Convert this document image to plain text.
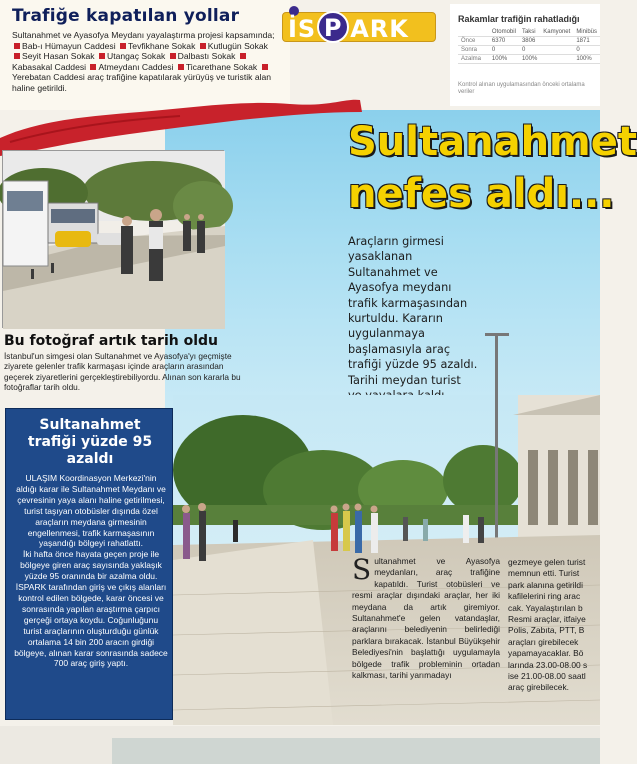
Trafiğe kapatılan yollar
Sultanahmet ve Ayasofya Meydanı yayalaştırma projesi kapsamında; Bab-ı Hümayun Caddesi Tevfikhane Sokak Kutlugün Sokak Seyit Hasan Sokak Utangaç Sokak Dalbastı Sokak Kabasakal Caddesi Atmeydanı Caddesi Ticarethane Sokak Yerebatan Caddesi araç trafiğine kapatılarak yürüyüş ve turistik alan haline getirildi.
İS P ARK	Rakamlar trafiğin rahatladığı
	Otomobil	Taksi	Kamyonet	Minibüs
Önce	6370	3806		1871
Sonra	0	0		0
Azalma	100%	100%		100%
Kontrol alınan uygulamasından önceki ortalama veriler
Sultanahmet
nefes aldı...
Araçların girmesi yasaklanan Sultanahmet ve Ayasofya meydanı trafik karmaşasından kurtuldu. Kararın uygulanmaya başlamasıyla araç trafiği yüzde 95 azaldı. Tarihi meydan turist
Bu fotoğraf artık tarih oldu
İstanbul'un simgesi olan Sultanahmet ve Ayasofya'yı geçmişte ziyarete gelenler trafik karmaşası içinde araçların arasından geçerek ziyaretlerini gerçekleştirebiliyordu. Alınan son kararla bu fotoğraflar tarih oldu.
Sultanahmet
trafiği yüzde 95
azaldı

ULAŞIM Koordinasyon Merkezi'nin aldığı karar ile Sultanahmet Meydanı ve çevresinin yaya alanı haline getirilmesi, turist taşıyan otobüsler dışında özel araçların meydana girmesinin engellenmesi, trafik karmaşasının yaşandığı bölgeyi rahatlattı.

İki hafta önce hayata geçen proje ile bölgeye giren araç sayısında yaklaşık yüzde 95 oranında bir azalma oldu. İSPARK tarafından giriş ve çıkış alanları kontrol edilen bölgede, karar öncesi ve sonrasında yapılan araştırma çarpıcı gerçeği ortaya koydu. Coğunluğunu turist araçlarının oluşturduğu günlük ortalama 14 bin 200 aracın girdiği bölgeye, alınan karar sonrasında sadece 700 araç giriş yaptı.

Sultanahmet ve Ayasofya meydanları, araç trafiğine kapatıldı. Turist otobüsleri ve resmi araçlar dışındaki araçlar, her iki meydana da artık giremiyor. Sultanahmet'e gelen vatandaşlar, araçlarını belediyenin belirlediği parklara bırakacak. İstanbul Büyükşehir Belediyesi'nin başlattığı uygulamayla bölgede trafik probleminin ortadan kalkması, tarihi yarımadayı
gezmeye gelen turist
memnun etti. Turist
park alanına getirildi
kafilelerini ring arac
cak. Yayalaştırılan b
Resmi araçlar, itfaiye
Polis, Zabıta, PTT, B
araçları girebilecek
yapamayacaklar. Bö
larında 23.00-08.00 s
ise 21.00-08.00 saatl
araç girebilecek.
